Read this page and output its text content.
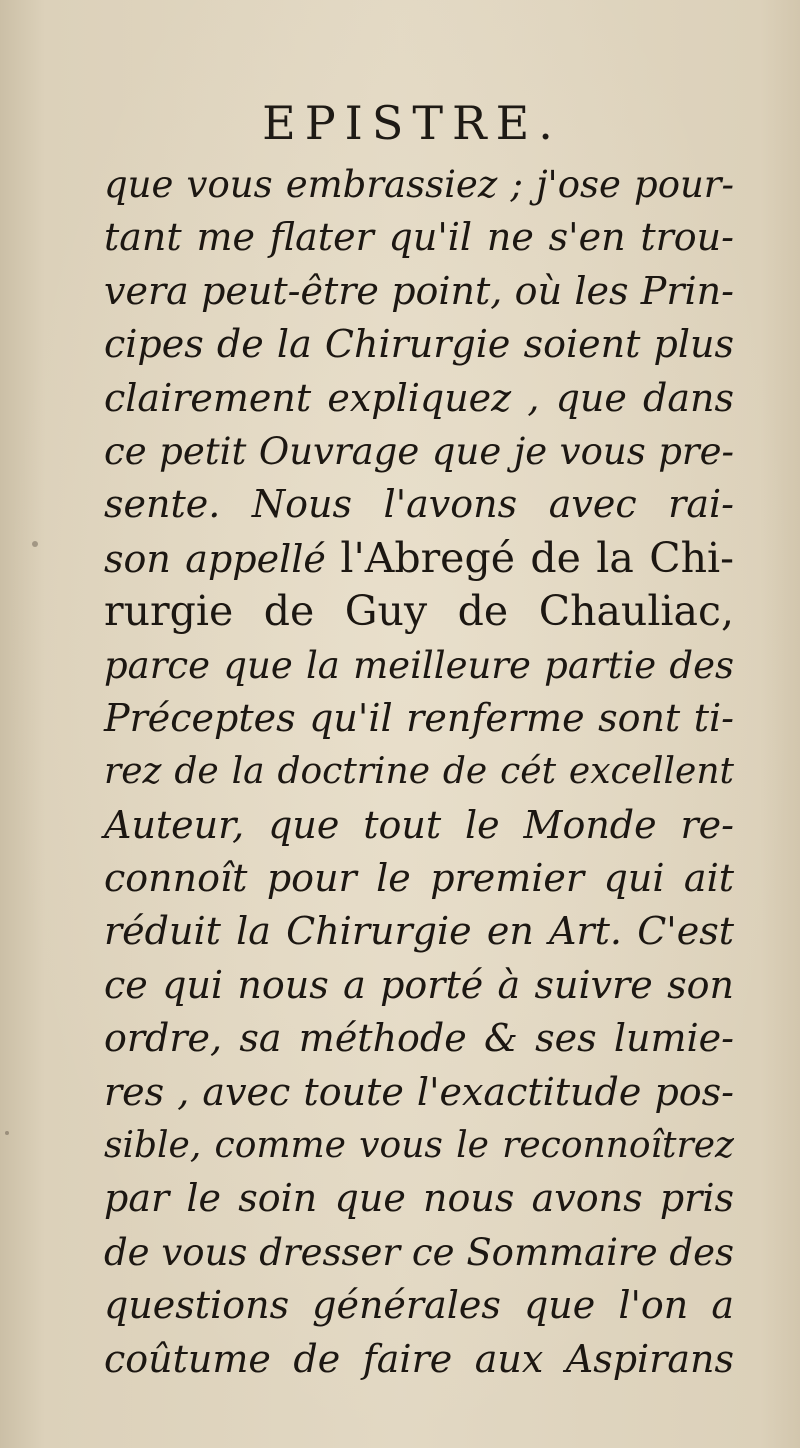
EPISTRE.
que vous embrassiez ; j'ose pour-
tant me flater qu'il ne s'en trou-
vera peut-être point, où les Prin-
cipes de la Chirurgie soient plus
clairement expliquez , que dans
ce petit Ouvrage que je vous pre-
sente. Nous l'avons avec rai-
son appellé l'Abregé de la Chi-
rurgie de Guy de Chauliac,
parce que la meilleure partie des
Préceptes qu'il renferme sont ti-
rez de la doctrine de cét excellent
Auteur, que tout le Monde re-
connoît pour le premier qui ait
réduit la Chirurgie en Art. C'est
ce qui nous a porté à suivre son
ordre, sa méthode & ses lumie-
res , avec toute l'exactitude pos-
sible, comme vous le reconnoîtrez
par le soin que nous avons pris
de vous dresser ce Sommaire des
questions générales que l'on a
coûtume de faire aux Aspirans
